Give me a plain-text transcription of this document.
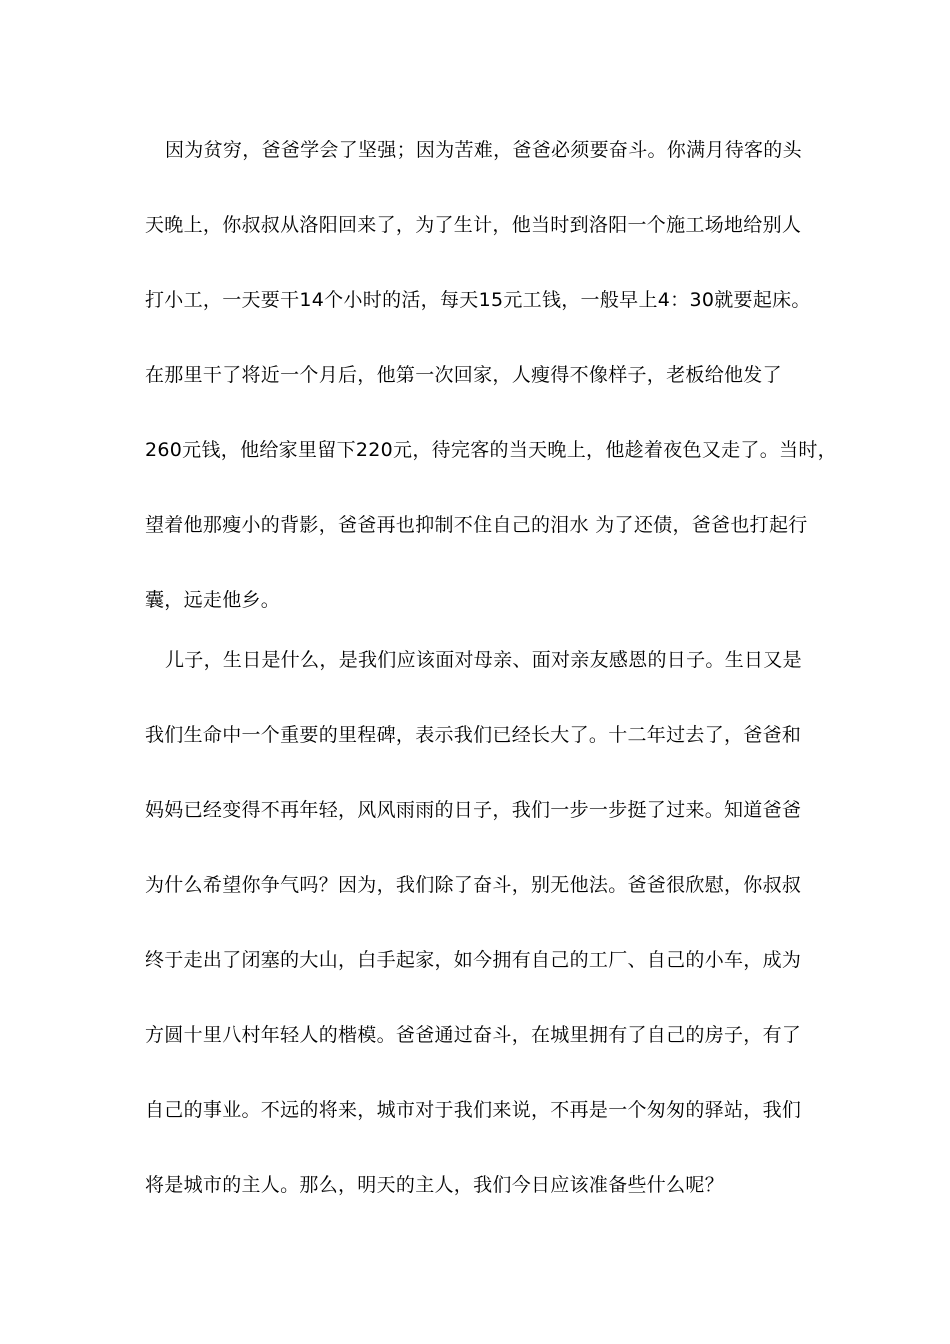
因为贫穷，爸爸学会了坚强；因为苦难，爸爸必须要奋斗。你满月待客的头
天晚上，你叔叔从洛阳回来了，为了生计，他当时到洛阳一个施工场地给别人
打小工，一天要干14个小时的活，每天15元工钱，一般早上4：30就要起床。
在那里干了将近一个月后，他第一次回家，人瘦得不像样子，老板给他发了
260元钱，他给家里留下220元，待完客的当天晚上，他趁着夜色又走了。当时，
望着他那瘦小的背影，爸爸再也抑制不住自己的泪水 为了还债，爸爸也打起行
囊，远走他乡。
儿子，生日是什么，是我们应该面对母亲、面对亲友感恩的日子。生日又是
我们生命中一个重要的里程碑，表示我们已经长大了。十二年过去了，爸爸和
妈妈已经变得不再年轻，风风雨雨的日子，我们一步一步挺了过来。知道爸爸
为什么希望你争气吗？因为，我们除了奋斗，别无他法。爸爸很欣慰，你叔叔
终于走出了闭塞的大山，白手起家，如今拥有自己的工厂、自己的小车，成为
方圆十里八村年轻人的楷模。爸爸通过奋斗，在城里拥有了自己的房子，有了
自己的事业。不远的将来，城市对于我们来说，不再是一个匆匆的驿站，我们
将是城市的主人。那么，明天的主人，我们今日应该准备些什么呢？
